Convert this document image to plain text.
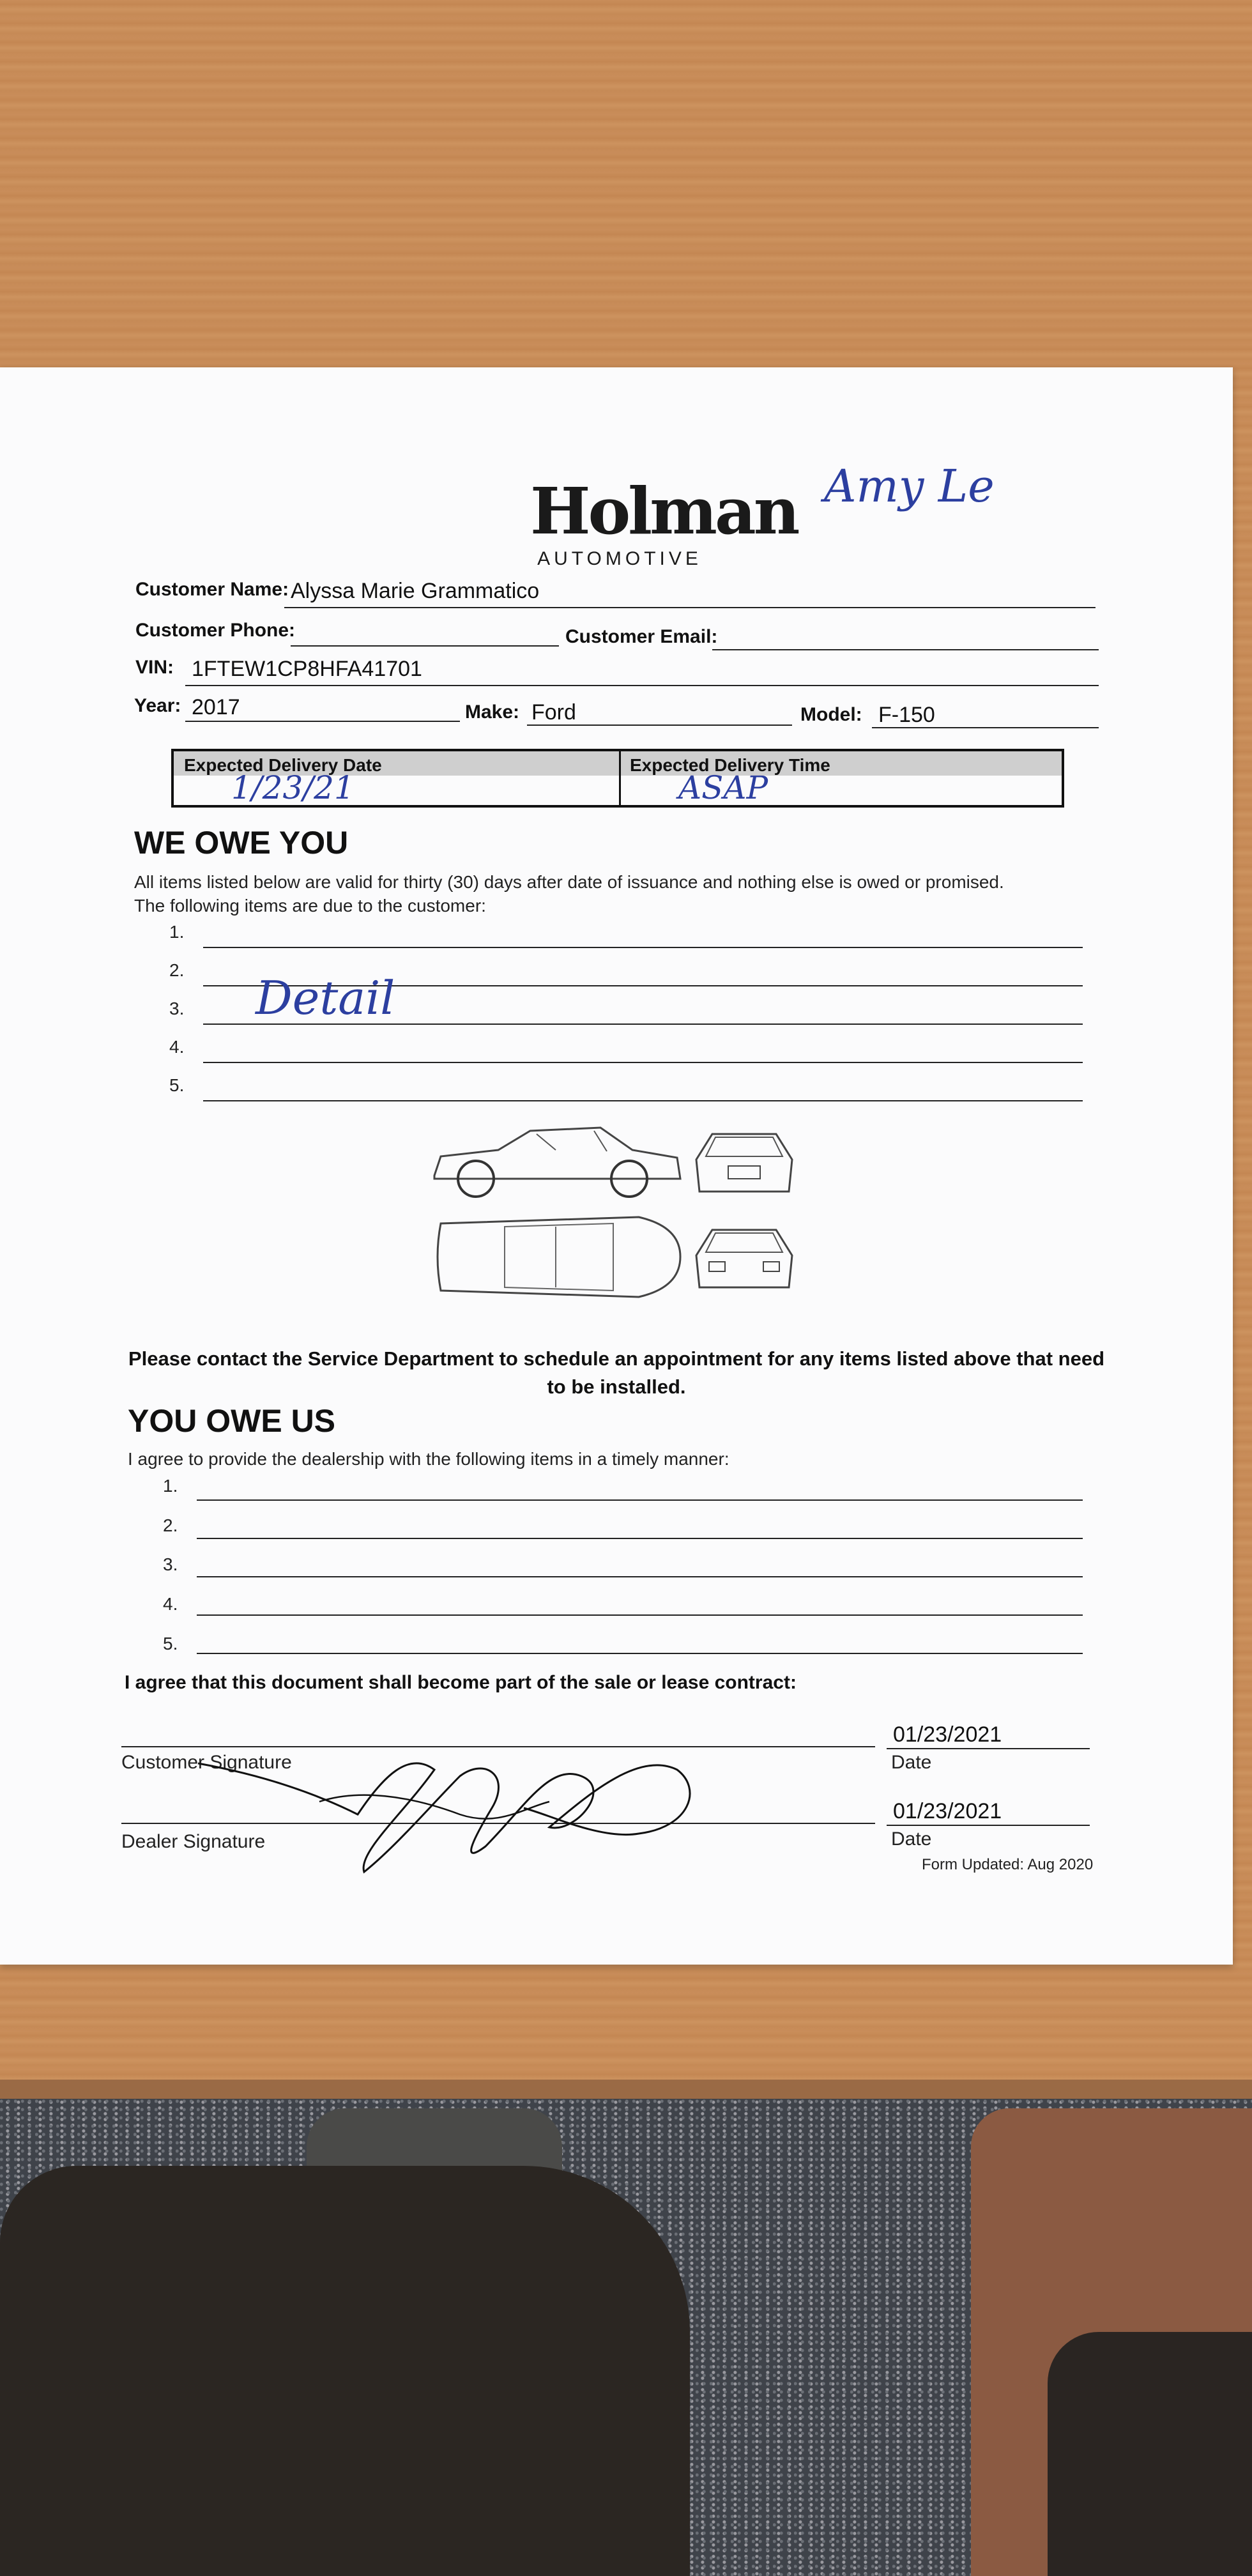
Holman
AUTOMOTIVE
Amy Le
Customer Name: Alyssa Marie Grammatico
Customer Phone:	Customer Email:
VIN: 1FTEW1CP8HFA41701
Year: 2017	Make: Ford	Model: F-150
Expected Delivery Date	Expected Delivery Time
1/23/21	ASAP
WE OWE YOU
All items listed below are valid for thirty (30) days after date of issuance and nothing else is owed or promised.
The following items are due to the customer:
1.
2.
3. Detail
4.
5.
Please contact the Service Department to schedule an appointment for any items listed above that need to be installed.
YOU OWE US
I agree to provide the dealership with the following items in a timely manner:
1.
2.
3.
4.
5.
I agree that this document shall become part of the sale or lease contract:
Customer Signature
01/23/2021
Date
Dealer Signature
01/23/2021
Date
Form Updated: Aug 2020
